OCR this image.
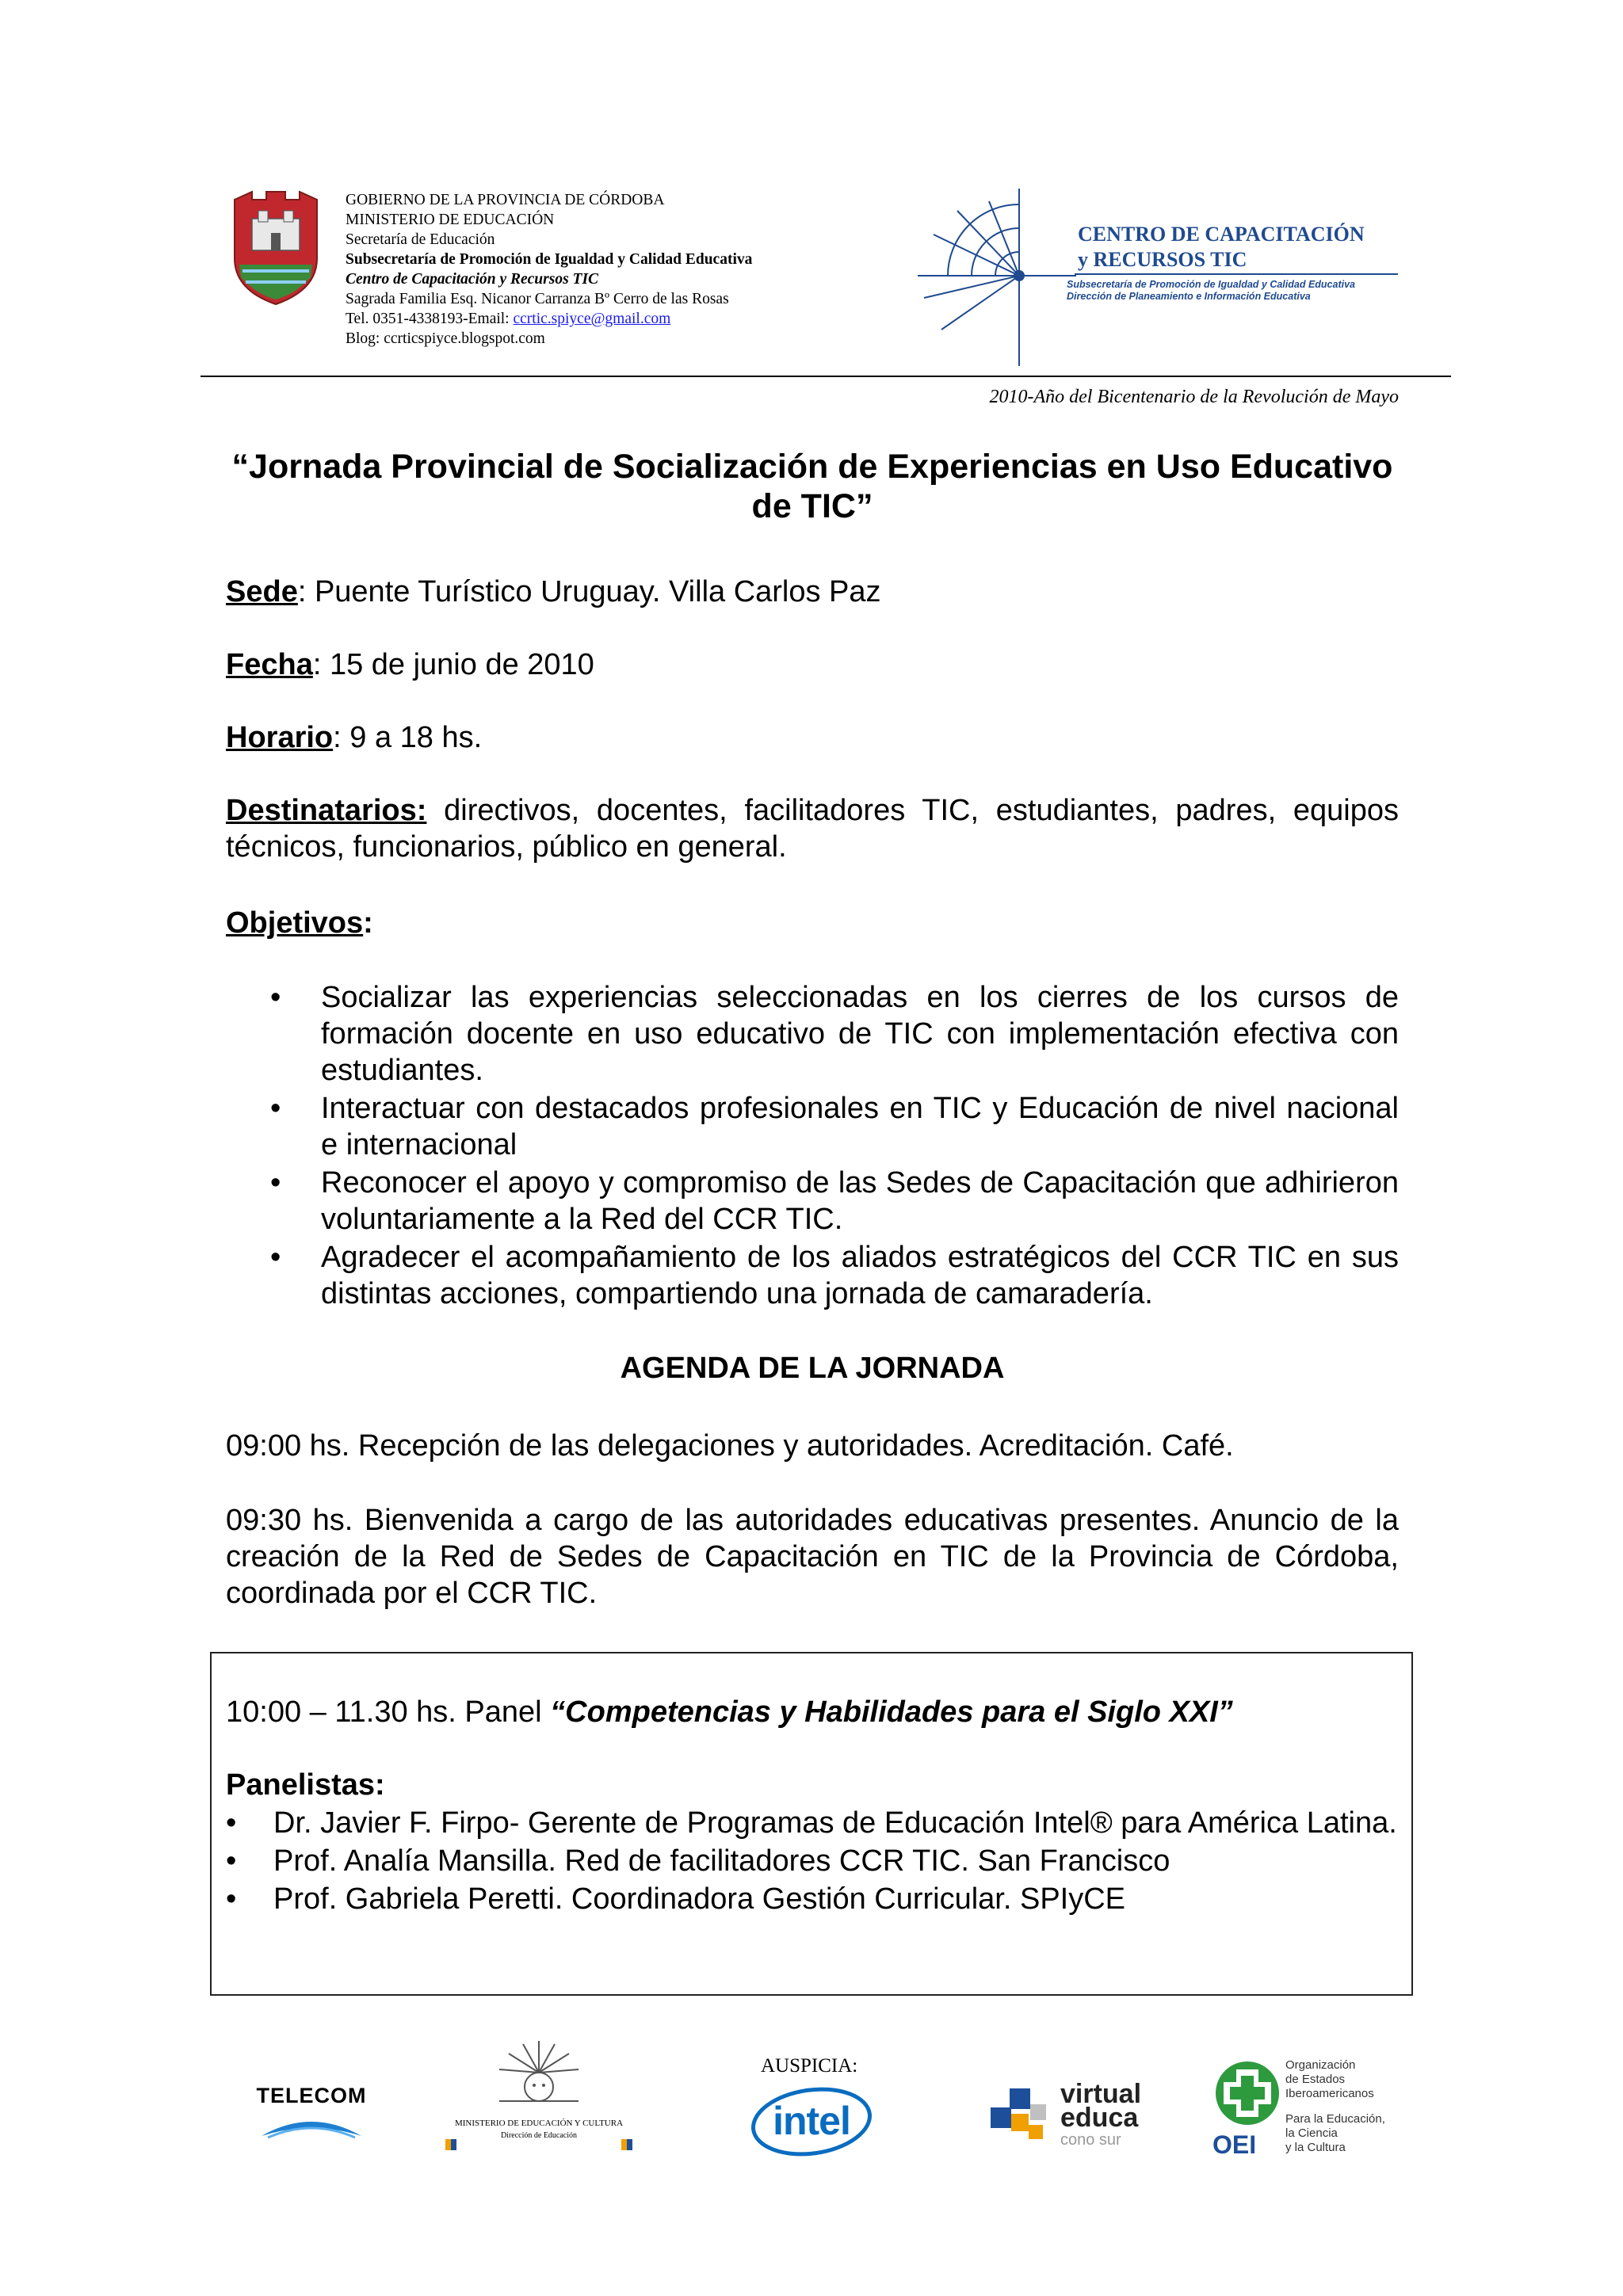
GOBIERNO DE LA PROVINCIA DE CÓRDOBA
MINISTERIO DE EDUCACIÓN
Secretaría de Educación
Subsecretaría de Promoción de Igualdad y Calidad Educativa
Centro de Capacitación y Recursos TIC
Sagrada Familia Esq. Nicanor Carranza Bº Cerro de las Rosas
Tel. 0351-4338193-Email: ccrtic.spiyce@gmail.com
Blog: ccrticspiyce.blogspot.com
CENTRO DE CAPACITACIÓN
y RECURSOS TIC
Subsecretaría de Promoción de Igualdad y Calidad Educativa
Dirección de Planeamiento e Información Educativa
2010-Año del Bicentenario de la Revolución de Mayo
“Jornada Provincial de Socialización de Experiencias en Uso Educativo de TIC”
Sede: Puente Turístico Uruguay. Villa Carlos Paz
Fecha: 15 de junio de 2010
Horario: 9 a 18 hs.
Destinatarios: directivos, docentes, facilitadores TIC, estudiantes, padres, equipos técnicos, funcionarios, público en general.
Objetivos:
• Socializar las experiencias seleccionadas en los cierres de los cursos de formación docente en uso educativo de TIC con implementación efectiva con estudiantes.
• Interactuar con destacados profesionales en TIC y Educación de nivel nacional e internacional
• Reconocer el apoyo y compromiso de las Sedes de Capacitación que adhirieron voluntariamente a la Red del CCR TIC.
• Agradecer el acompañamiento de los aliados estratégicos del CCR TIC en sus distintas acciones, compartiendo una jornada de camaradería.
AGENDA DE LA JORNADA
09:00 hs. Recepción de las delegaciones y autoridades. Acreditación. Café.
09:30 hs. Bienvenida a cargo de las autoridades educativas presentes. Anuncio de la creación de la Red de Sedes de Capacitación en TIC de la Provincia de Córdoba, coordinada por el CCR TIC.
10:00 – 11.30 hs. Panel “Competencias y Habilidades para el Siglo XXI”
Panelistas:
• Dr. Javier F. Firpo- Gerente de Programas de Educación Intel® para América Latina.
• Prof. Analía Mansilla. Red de facilitadores CCR TIC. San Francisco
• Prof. Gabriela Peretti. Coordinadora Gestión Curricular. SPIyCE
TELECOM
MINISTERIO DE EDUCACIÓN Y CULTURA
Dirección de Educación
AUSPICIA:
intel
virtual
educa
cono sur	OEI
Organización
de Estados
Iberoamericanos
Para la Educación,
la Ciencia
y la Cultura
